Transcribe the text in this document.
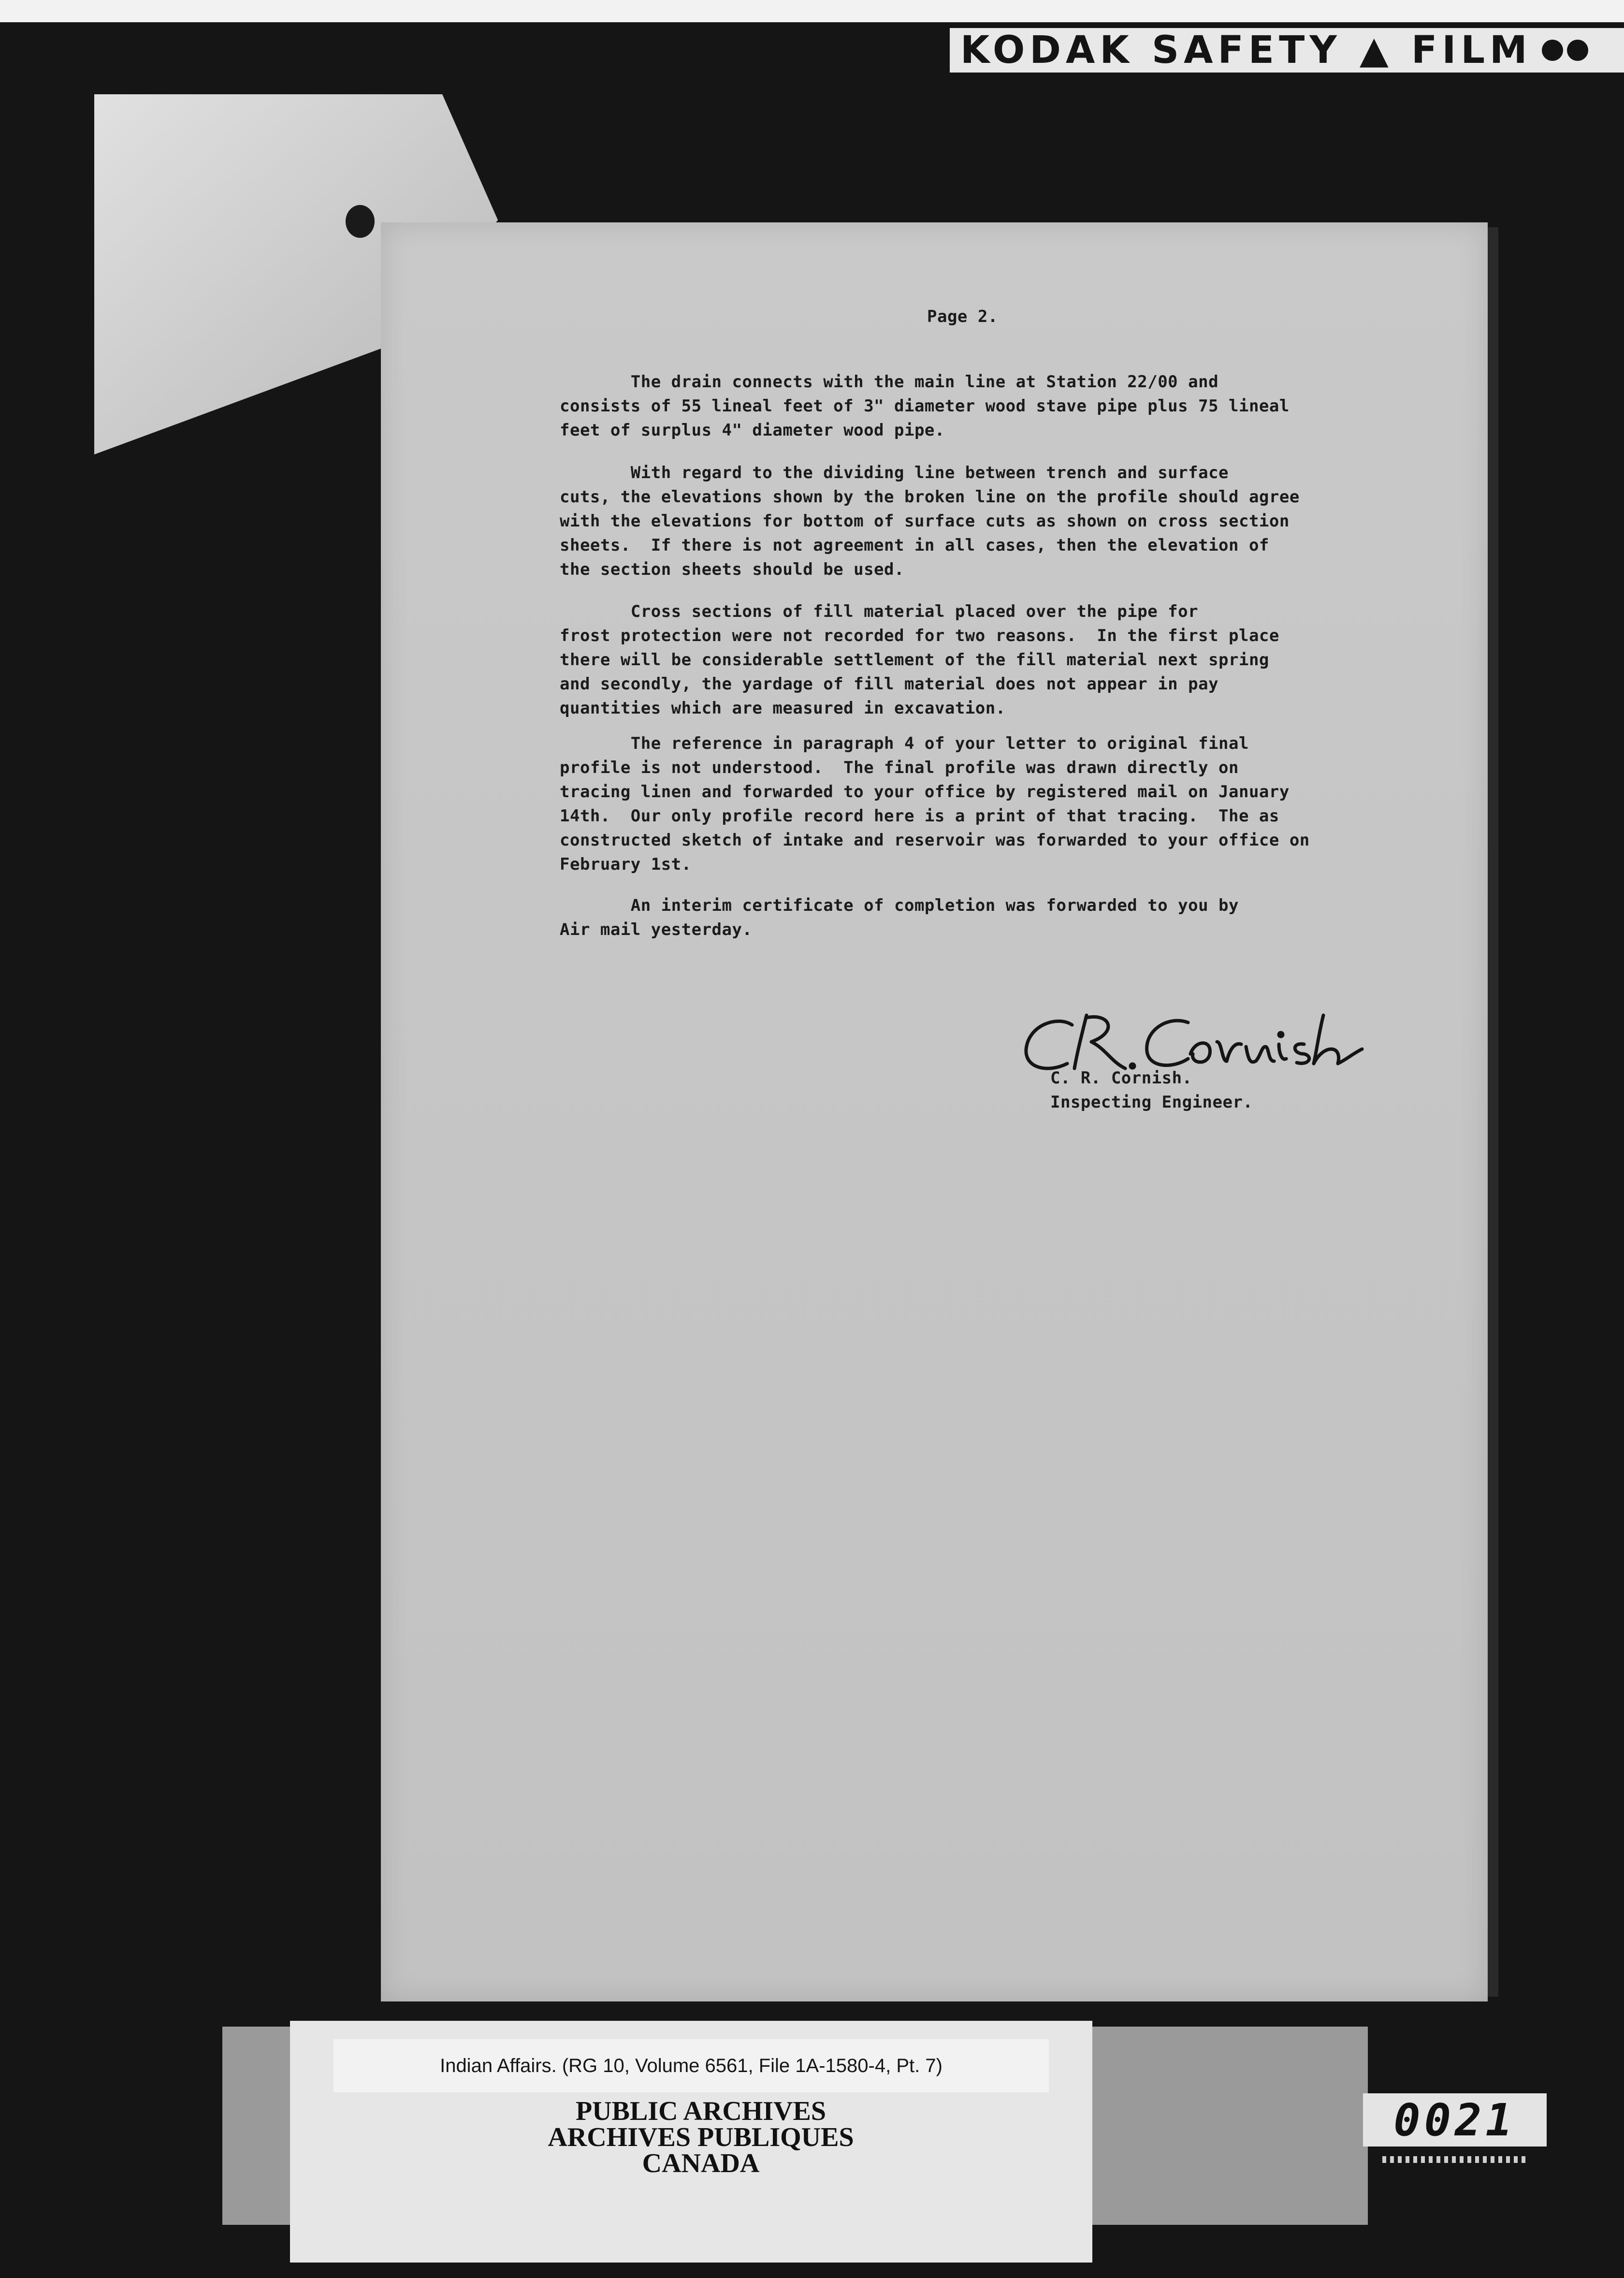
KODAK SAFETY ▲ FILM
Page 2.

The drain connects with the main line at Station 22/00 and
consists of 55 lineal feet of 3" diameter wood stave pipe plus 75 lineal
feet of surplus 4" diameter wood pipe.

With regard to the dividing line between trench and surface
cuts, the elevations shown by the broken line on the profile should agree
with the elevations for bottom of surface cuts as shown on cross section
sheets.  If there is not agreement in all cases, then the elevation of
the section sheets should be used.

Cross sections of fill material placed over the pipe for
frost protection were not recorded for two reasons.  In the first place
there will be considerable settlement of the fill material next spring
and secondly, the yardage of fill material does not appear in pay
quantities which are measured in excavation.

The reference in paragraph 4 of your letter to original final
profile is not understood.  The final profile was drawn directly on
tracing linen and forwarded to your office by registered mail on January
14th.  Our only profile record here is a print of that tracing.  The as
constructed sketch of intake and reservoir was forwarded to your office on
February 1st.

An interim certificate of completion was forwarded to you by
Air mail yesterday.

C. R. Cornish.
Inspecting Engineer.
Indian Affairs. (RG 10, Volume 6561, File 1A-1580-4, Pt. 7)
PUBLIC ARCHIVES
ARCHIVES PUBLIQUES
CANADA
0021
